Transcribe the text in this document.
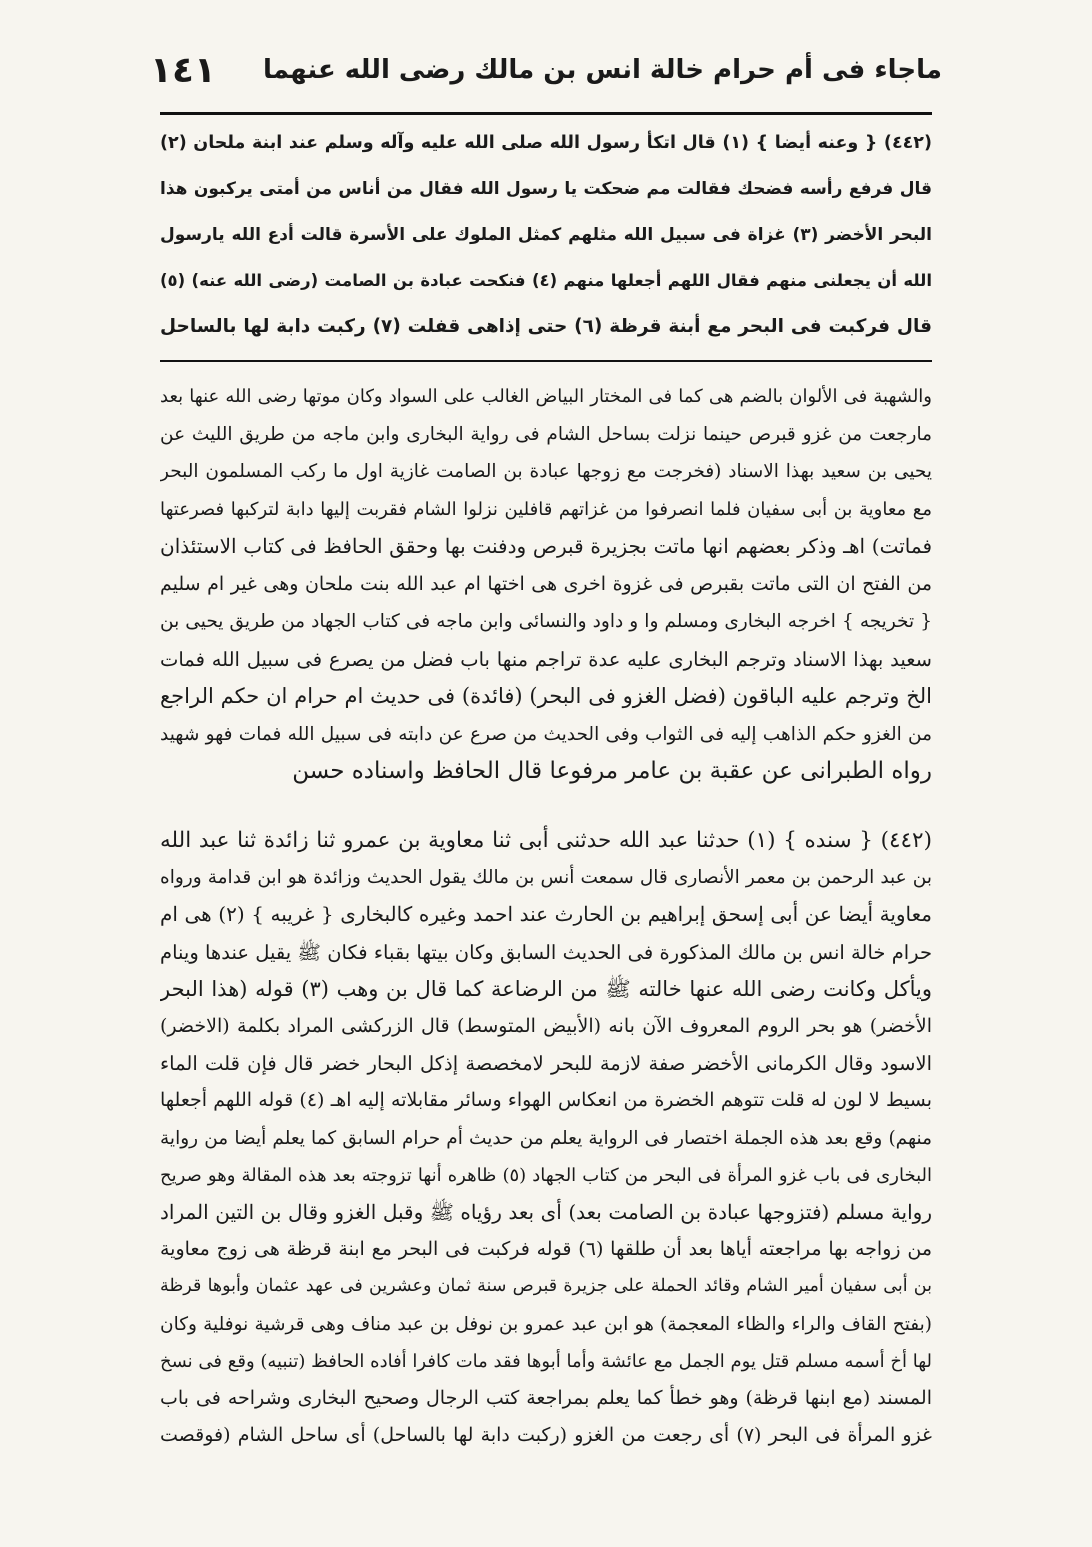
ماجاء فى أم حرام خالة انس بن مالك رضى الله عنهما
١٤١
(٤٤٢) { وعنه أيضا } (١) قال اتكأ رسول الله صلى الله عليه وآله وسلم عند ابنة ملحان (٢)
قال فرفع رأسه فضحك فقالت مم ضحكت يا رسول الله فقال من أناس من أمتى يركبون هذا
البحر الأخضر (٣) غزاة فى سبيل الله مثلهم كمثل الملوك على الأسرة قالت أدع الله يارسول
الله أن يجعلنى منهم فقال اللهم أجعلها منهم (٤) فنكحت عبادة بن الصامت (رضى الله عنه) (٥)
قال فركبت فى البحر مع أبنة قرظة (٦) حتى إذاهى قفلت (٧) ركبت دابة لها بالساحل
والشهبة فى الألوان بالضم هى كما فى المختار البياض الغالب على السواد وكان موتها رضى الله عنها بعد
مارجعت من غزو قبرص حينما نزلت بساحل الشام فى رواية البخارى وابن ماجه من طريق الليث عن
يحيى بن سعيد بهذا الاسناد (فخرجت مع زوجها عبادة بن الصامت غازية اول ما ركب المسلمون البحر
مع معاوية بن أبى سفيان فلما انصرفوا من غزاتهم قافلين نزلوا الشام فقربت إليها دابة لتركبها فصرعتها
فماتت) اهـ وذكر بعضهم انها ماتت بجزيرة قبرص ودفنت بها وحقق الحافظ فى كتاب الاستئذان
من الفتح ان التى ماتت بقبرص فى غزوة اخرى هى اختها ام عبد الله بنت ملحان وهى غير ام سليم
{ تخريجه } اخرجه البخارى ومسلم وا و داود والنسائى وابن ماجه فى كتاب الجهاد من طريق يحيى بن
سعيد بهذا الاسناد وترجم البخارى عليه عدة تراجم منها باب فضل من يصرع فى سبيل الله فمات
الخ وترجم عليه الباقون (فضل الغزو فى البحر) (فائدة) فى حديث ام حرام ان حكم الراجع
من الغزو حكم الذاهب إليه فى الثواب وفى الحديث من صرع عن دابته فى سبيل الله فمات فهو شهيد
رواه الطبرانى عن عقبة بن عامر مرفوعا قال الحافظ واسناده حسن
(٤٤٢) { سنده } (١) حدثنا عبد الله حدثنى أبى ثنا معاوية بن عمرو ثنا زائدة ثنا عبد الله
بن عبد الرحمن بن معمر الأنصارى قال سمعت أنس بن مالك يقول الحديث وزائدة هو ابن قدامة ورواه
معاوية أيضا عن أبى إسحق إبراهيم بن الحارث عند احمد وغيره كالبخارى { غريبه } (٢) هى ام
حرام خالة انس بن مالك المذكورة فى الحديث السابق وكان بيتها بقباء فكان ﷺ يقيل عندها وينام
ويأكل وكانت رضى الله عنها خالته ﷺ من الرضاعة كما قال بن وهب (٣) قوله (هذا البحر
الأخضر) هو بحر الروم المعروف الآن بانه (الأبيض المتوسط) قال الزركشى المراد بكلمة (الاخضر)
الاسود وقال الكرمانى الأخضر صفة لازمة للبحر لامخصصة إذكل البحار خضر قال فإن قلت الماء
بسيط لا لون له قلت تتوهم الخضرة من انعكاس الهواء وسائر مقابلاته إليه اهـ (٤) قوله اللهم أجعلها
منهم) وقع بعد هذه الجملة اختصار فى الرواية يعلم من حديث أم حرام السابق كما يعلم أيضا من رواية
البخارى فى باب غزو المرأة فى البحر من كتاب الجهاد (٥) ظاهره أنها تزوجته بعد هذه المقالة وهو صريح
رواية مسلم (فتزوجها عبادة بن الصامت بعد) أى بعد رؤياه ﷺ وقبل الغزو وقال بن التين المراد
من زواجه بها مراجعته أياها بعد أن طلقها (٦) قوله فركبت فى البحر مع ابنة قرظة هى زوج معاوية
بن أبى سفيان أمير الشام وقائد الحملة على جزيرة قبرص سنة ثمان وعشرين فى عهد عثمان وأبوها قرظة
(بفتح القاف والراء والظاء المعجمة) هو ابن عبد عمرو بن نوفل بن عبد مناف وهى قرشية نوفلية وكان
لها أخ أسمه مسلم قتل يوم الجمل مع عائشة وأما أبوها فقد مات كافرا أفاده الحافظ (تنبيه) وقع فى نسخ
المسند (مع ابنها قرظة) وهو خطأ كما يعلم بمراجعة كتب الرجال وصحيح البخارى وشراحه فى باب
غزو المرأة فى البحر (٧) أى رجعت من الغزو (ركبت دابة لها بالساحل) أى ساحل الشام (فوقصت
